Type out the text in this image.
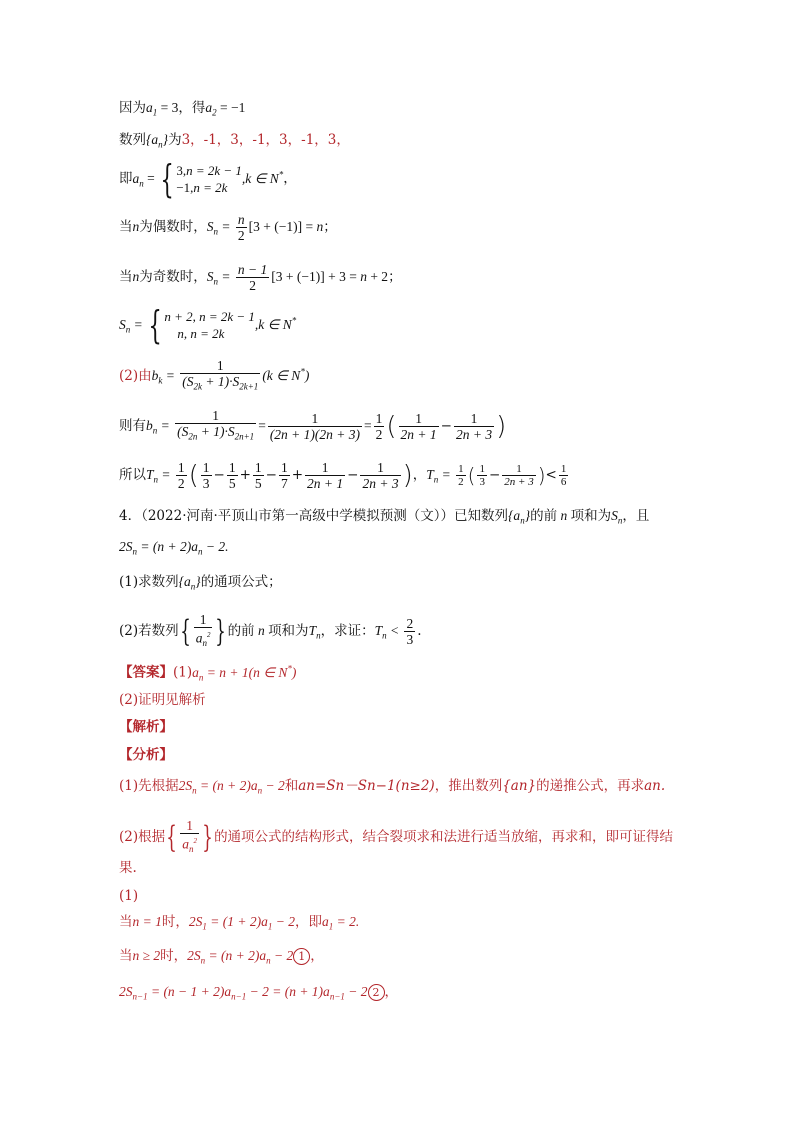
因为$a_1 = 3$，得$a_2 = -1$
数列$\{a_n\}$为3，-1，3，-1，3，-1，3，
即$a_n$ = { 3,n = 2k − 1
−1,n = 2k,k ∈ N*，
当n为偶数时，$S_n = \frac{n}{2} [3 + (-1)] = n$；
当n为奇数时，$S_n = \frac{n - 1}{2} [3 + (-1)] + 3 = n + 2$；
$S_n$ = { n + 2, n = 2k − 1
n, n = 2k,k ∈ N*
(2)由$b_k = \frac{1}{(S_{2k} + 1)\cdot S_{2k+1}} (k$ ∈ N*)
则有$b_n = \frac{1}{(S_{2n} + 1)\cdot S_{2n+1}} = \frac{1}{(2n + 1)(2n + 3)} = \frac{1}{2}$ ( $\frac{1}{2n + 1} - \frac{1}{2n + 3}$ )
所以$T_n = \frac{1}{2}$ ( $\frac{1}{3} - \frac{1}{5} + \frac{1}{5} - \frac{1}{7} + \frac{1}{2n + 1} - \frac{1}{2n + 3}$ )，$T_n = \frac{1}{2}$ ( $\frac{1}{3} - \frac{1}{2n + 3}$ )< $\frac{1}{6}$
4．（2022·河南·平顶山市第一高级中学模拟预测（文））已知数列$\{a_n\}$的前 n 项和为$S_n$，且
$2S_n = (n + 2)a_n - 2$.
(1)求数列$\{a_n\}$的通项公式；
(2)若数列{ $\frac{1}{a_n^2}$ }的前 n 项和为$T_n$，求证：$T_n < \frac{2}{3}$ .
【答案】$(1)a_n = n + 1(n$ ∈ N*)
(2)证明见解析
【解析】
【分析】
(1)先根据$2S_n = (n + 2)a_n - 2$和an=Sn－Sn−1(n≥2)，推出数列{an}的递推公式，再求an.
(2)根据{ $\frac{1}{a_n^2}$ }的通项公式的结构形式，结合裂项求和法进行适当放缩，再求和，即可证得结
果.
(1)
当n = 1时，$2S_1 = (1 + 2)a_1 - 2$，即$a_1 = 2$.
当n ≥ 2时，$2S_n = (n + 2)a_n - 2$ 1 ，
$2S_{n-1} = (n - 1 + 2)a_{n-1} - 2 = (n + 1)a_{n-1} - 2$ 2 ，
